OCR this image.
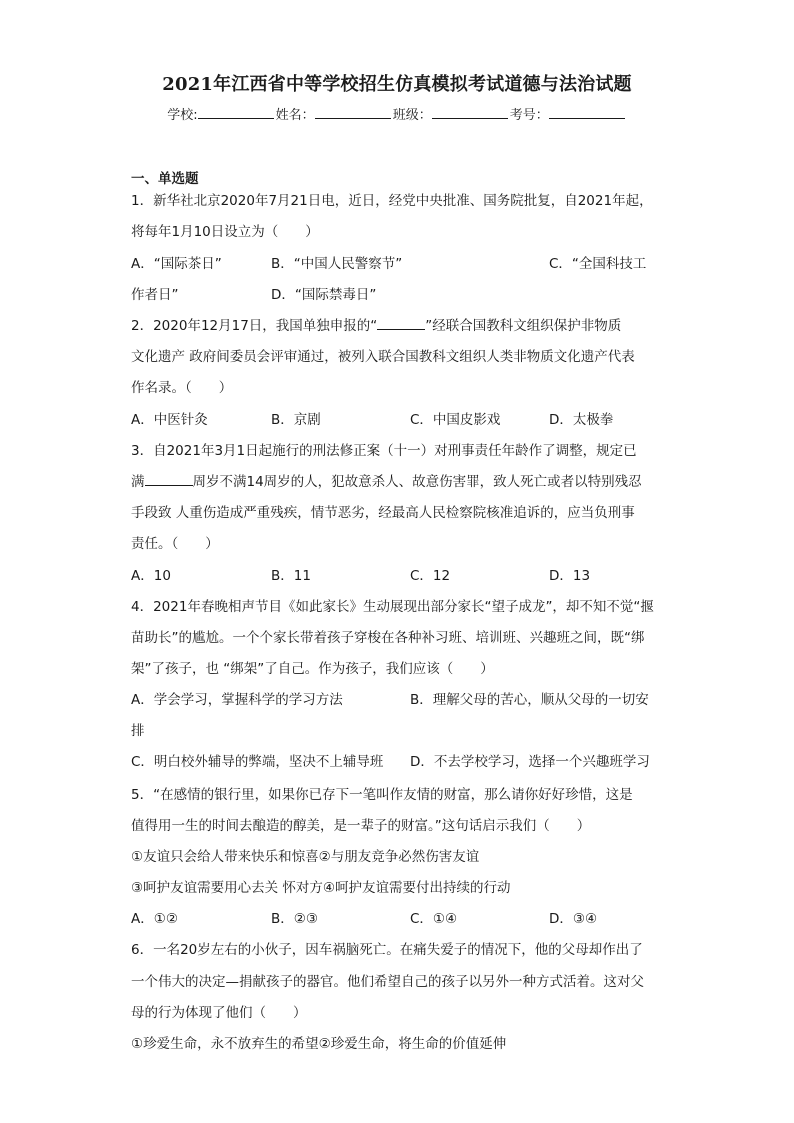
2021年江西省中等学校招生仿真模拟考试道德与法治试题
学校:	姓名：	班级：	考号：
一、单选题
1．新华社北京2020年7月21日电，近日，经党中央批准、国务院批复，自2021年起，
将每年1月10日设立为（　　）
A．“国际茶日”	B．“中国人民警察节”	C．“全国科技工
作者日”	D．“国际禁毒日”
2．2020年12月17日，我国单独申报的“	”经联合国教科文组织保护非物质
文化遗产 政府间委员会评审通过，被列入联合国教科文组织人类非物质文化遗产代表
作名录。（　　）
A．中医针灸	B．京剧	C．中国皮影戏	D．太极拳
3．自2021年3月1日起施行的刑法修正案（十一）对刑事责任年龄作了调整，规定已
满	周岁不满14周岁的人，犯故意杀人、故意伤害罪，致人死亡或者以特别残忍
手段致 人重伤造成严重残疾，情节恶劣，经最高人民检察院核准追诉的，应当负刑事
责任。（　　）
A．10	B．11	C．12	D．13
4．2021年春晚相声节目《如此家长》生动展现出部分家长“望子成龙”，却不知不觉“揠
苗助长”的尴尬。一个个家长带着孩子穿梭在各种补习班、培训班、兴趣班之间，既“绑
架”了孩子，也 “绑架”了自己。作为孩子，我们应该（　　）
A．学会学习，掌握科学的学习方法	B．理解父母的苦心，顺从父母的一切安
排
C．明白校外辅导的弊端，坚决不上辅导班 D．不去学校学习，选择一个兴趣班学习
5．“在感情的银行里，如果你已存下一笔叫作友情的财富，那么请你好好珍惜，这是
值得用一生的时间去酿造的醇美，是一辈子的财富。”这句话启示我们（　　）
①友谊只会给人带来快乐和惊喜②与朋友竞争必然伤害友谊
③呵护友谊需要用心去关 怀对方④呵护友谊需要付出持续的行动
A．①②	B．②③	C．①④	D．③④
6．一名20岁左右的小伙子，因车祸脑死亡。在痛失爱子的情况下，他的父母却作出了
一个伟大的决定—捐献孩子的器官。他们希望自己的孩子以另外一种方式活着。这对父
母的行为体现了他们（　　）
①珍爱生命，永不放弃生的希望②珍爱生命，将生命的价值延伸
